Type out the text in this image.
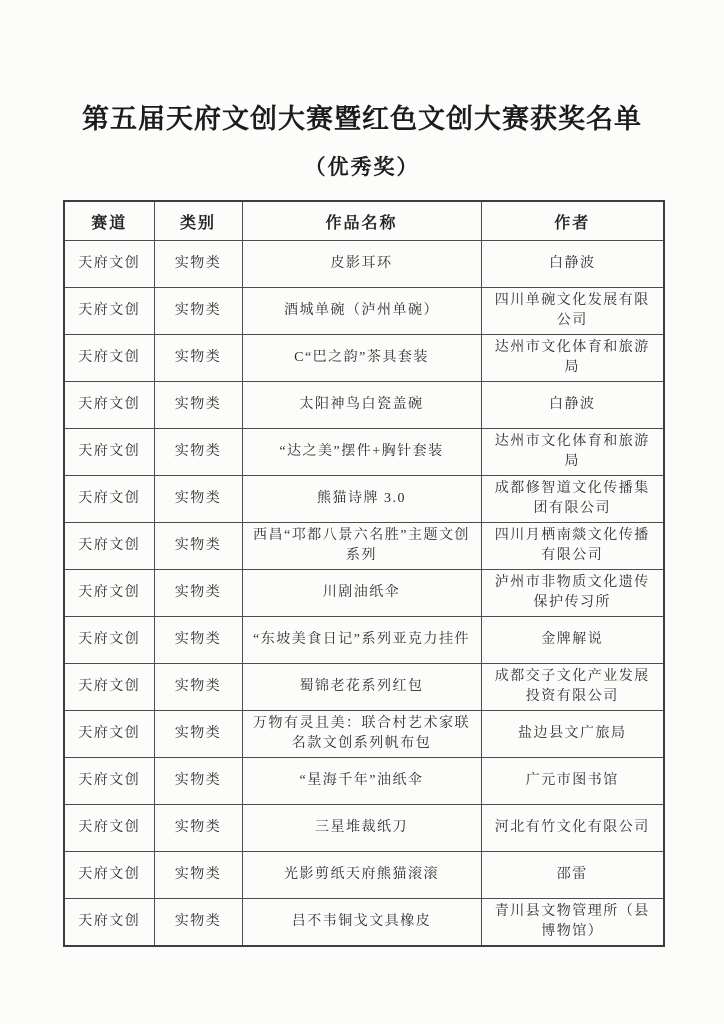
第五届天府文创大赛暨红色文创大赛获奖名单
（优秀奖）
赛道	类别	作品名称	作者
天府文创	实物类	皮影耳环	白静波
天府文创	实物类	酒城单碗（泸州单碗）	四川单碗文化发展有限公司
天府文创	实物类	C“巴之韵”茶具套装	达州市文化体育和旅游局
天府文创	实物类	太阳神鸟白瓷盖碗	白静波
天府文创	实物类	“达之美”摆件+胸针套装	达州市文化体育和旅游局
天府文创	实物类	熊猫诗牌 3.0	成都修智道文化传播集团有限公司
天府文创	实物类	西昌“邛都八景六名胜”主题文创系列	四川月栖南燚文化传播有限公司
天府文创	实物类	川剧油纸伞	泸州市非物质文化遗传保护传习所
天府文创	实物类	“东坡美食日记”系列亚克力挂件	金牌解说
天府文创	实物类	蜀锦老花系列红包	成都交子文化产业发展投资有限公司
天府文创	实物类	万物有灵且美：联合村艺术家联名款文创系列帆布包	盐边县文广旅局
天府文创	实物类	“星海千年”油纸伞	广元市图书馆
天府文创	实物类	三星堆裁纸刀	河北有竹文化有限公司
天府文创	实物类	光影剪纸天府熊猫滚滚	邵雷
天府文创	实物类	吕不韦铜戈文具橡皮	青川县文物管理所（县博物馆）
